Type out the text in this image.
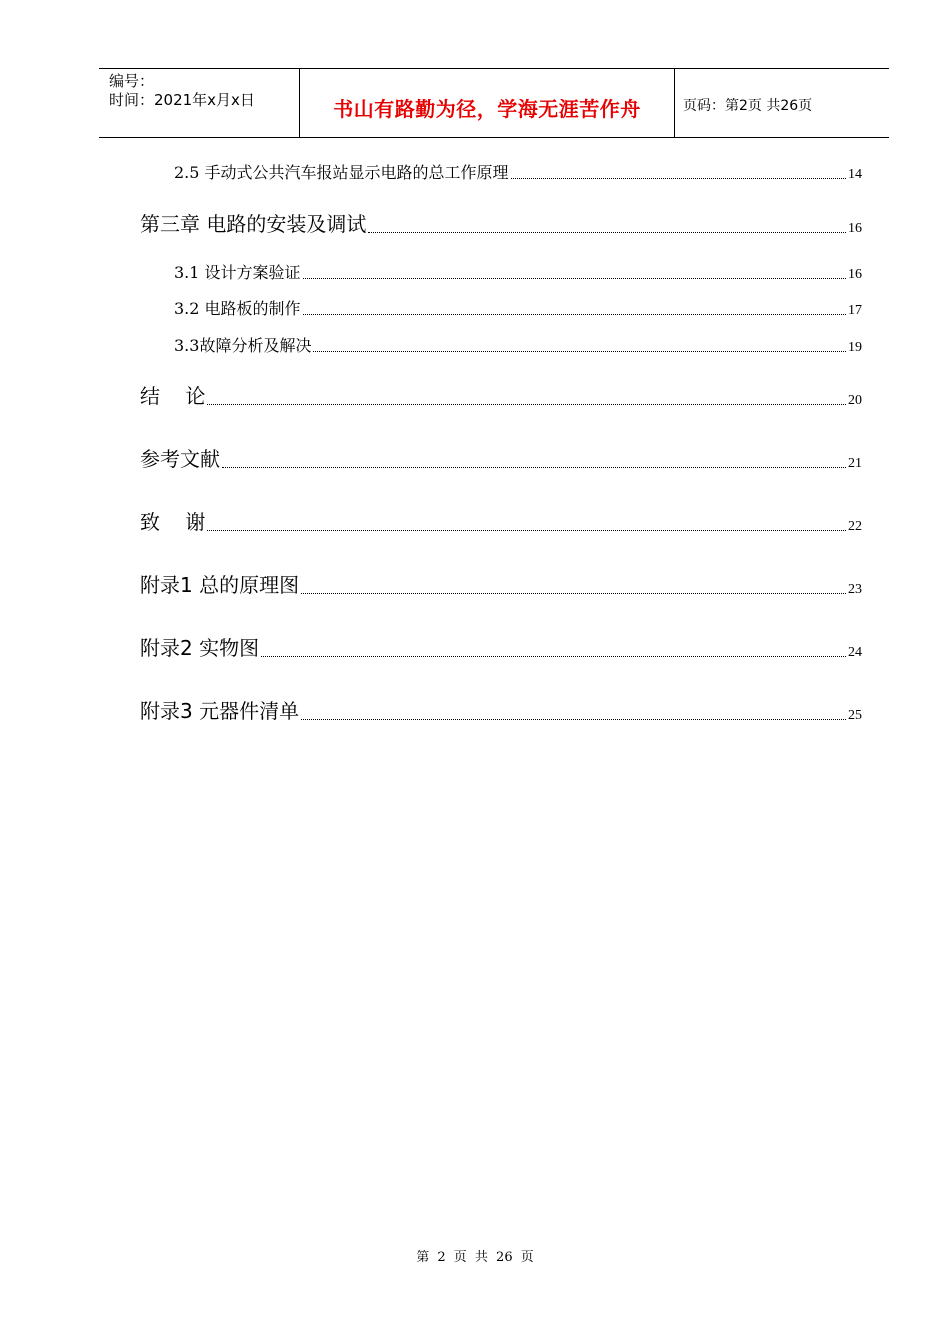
编号：
时间：2021年x月x日	书山有路勤为径，学海无涯苦作舟	页码：第2页 共26页
2.5 手动式公共汽车报站显示电路的总工作原理	14
第三章 电路的安装及调试	16
3.1 设计方案验证	16
3.2 电路板的制作	17
3.3故障分析及解决	19
结    论	20
参考文献	21
致    谢	22
附录1 总的原理图	23
附录2 实物图	24
附录3 元器件清单	25
第 2 页 共 26 页
